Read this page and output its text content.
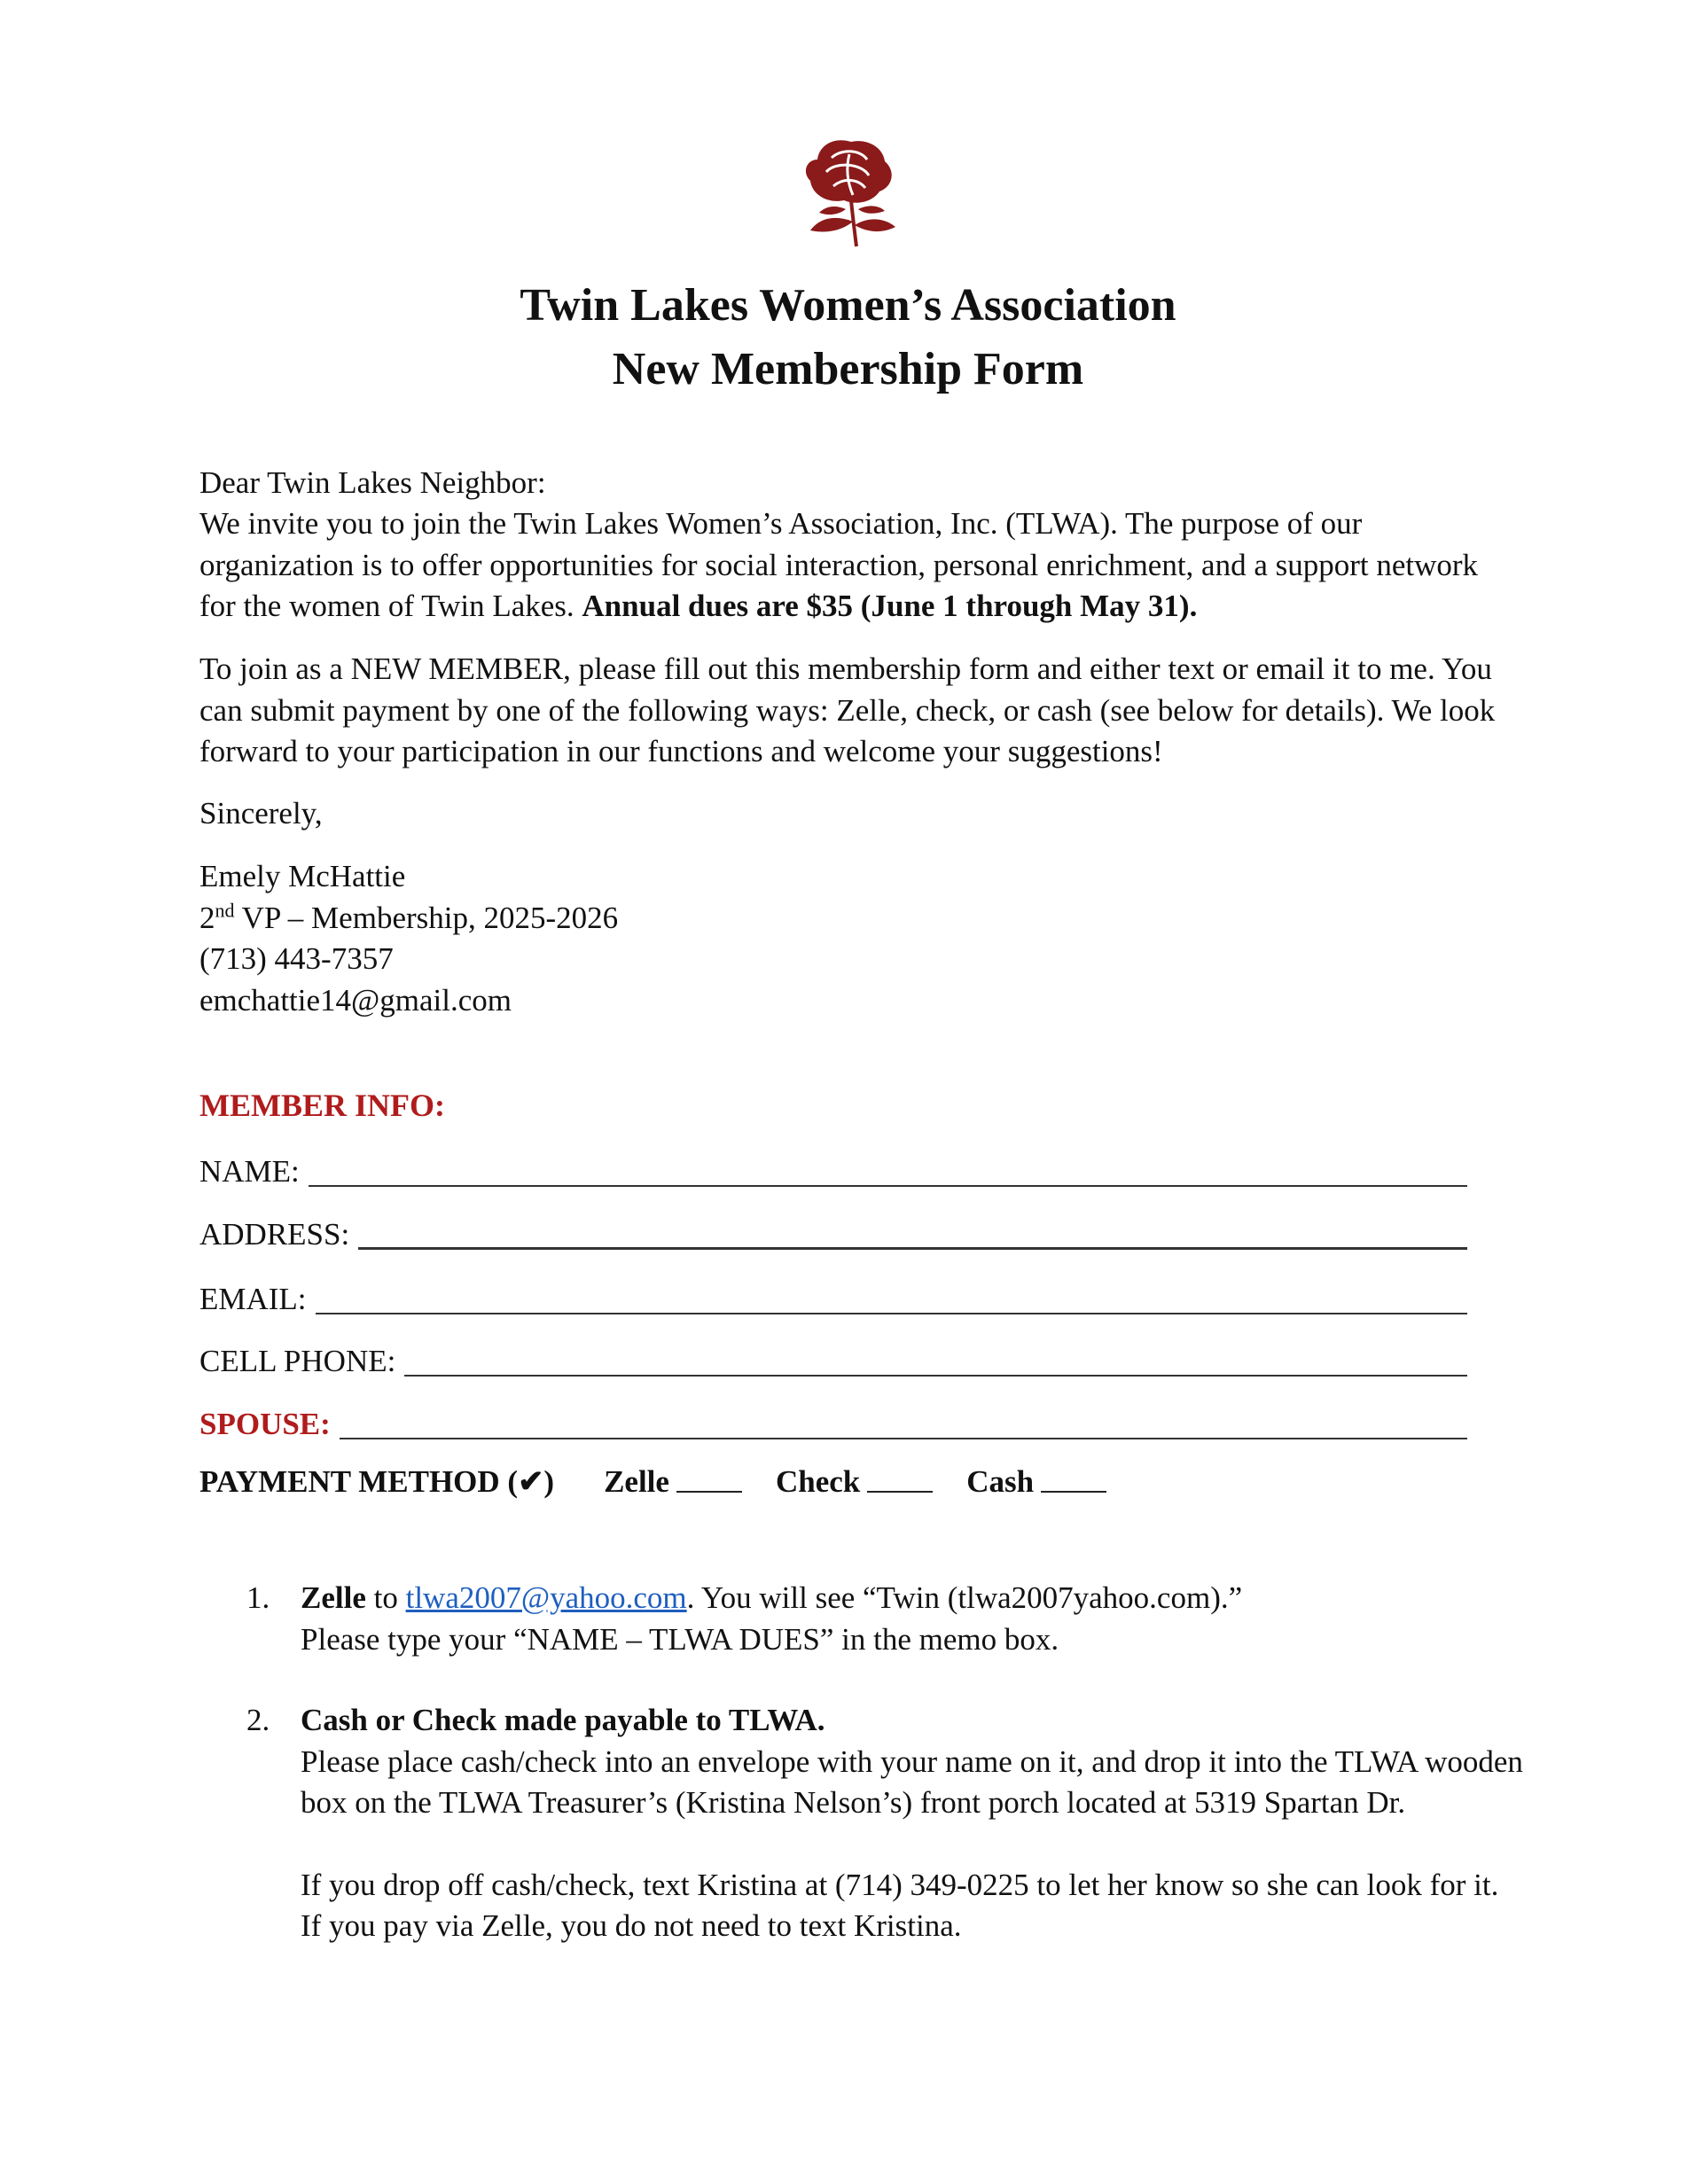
Twin Lakes Women’s Association
New Membership Form
Dear Twin Lakes Neighbor:
We invite you to join the Twin Lakes Women’s Association, Inc. (TLWA). The purpose of our organization is to offer opportunities for social interaction, personal enrichment, and a support network for the women of Twin Lakes. Annual dues are $35 (June 1 through May 31).
To join as a NEW MEMBER, please fill out this membership form and either text or email it to me. You can submit payment by one of the following ways: Zelle, check, or cash (see below for details). We look forward to your participation in our functions and welcome your suggestions!
Sincerely,
Emely McHattie
2nd VP – Membership, 2025-2026
(713) 443-7357
emchattie14@gmail.com
MEMBER INFO:
NAME:
ADDRESS:
EMAIL:
CELL PHONE:
SPOUSE:
PAYMENT METHOD (✔) Zelle	Check	Cash
1. Zelle to tlwa2007@yahoo.com. You will see “Twin (tlwa2007yahoo.com).”
Please type your “NAME – TLWA DUES” in the memo box.
2. Cash or Check made payable to TLWA.
Please place cash/check into an envelope with your name on it, and drop it into the TLWA wooden box on the TLWA Treasurer’s (Kristina Nelson’s) front porch located at 5319 Spartan Dr.
If you drop off cash/check, text Kristina at (714) 349-0225 to let her know so she can look for it. If you pay via Zelle, you do not need to text Kristina.
